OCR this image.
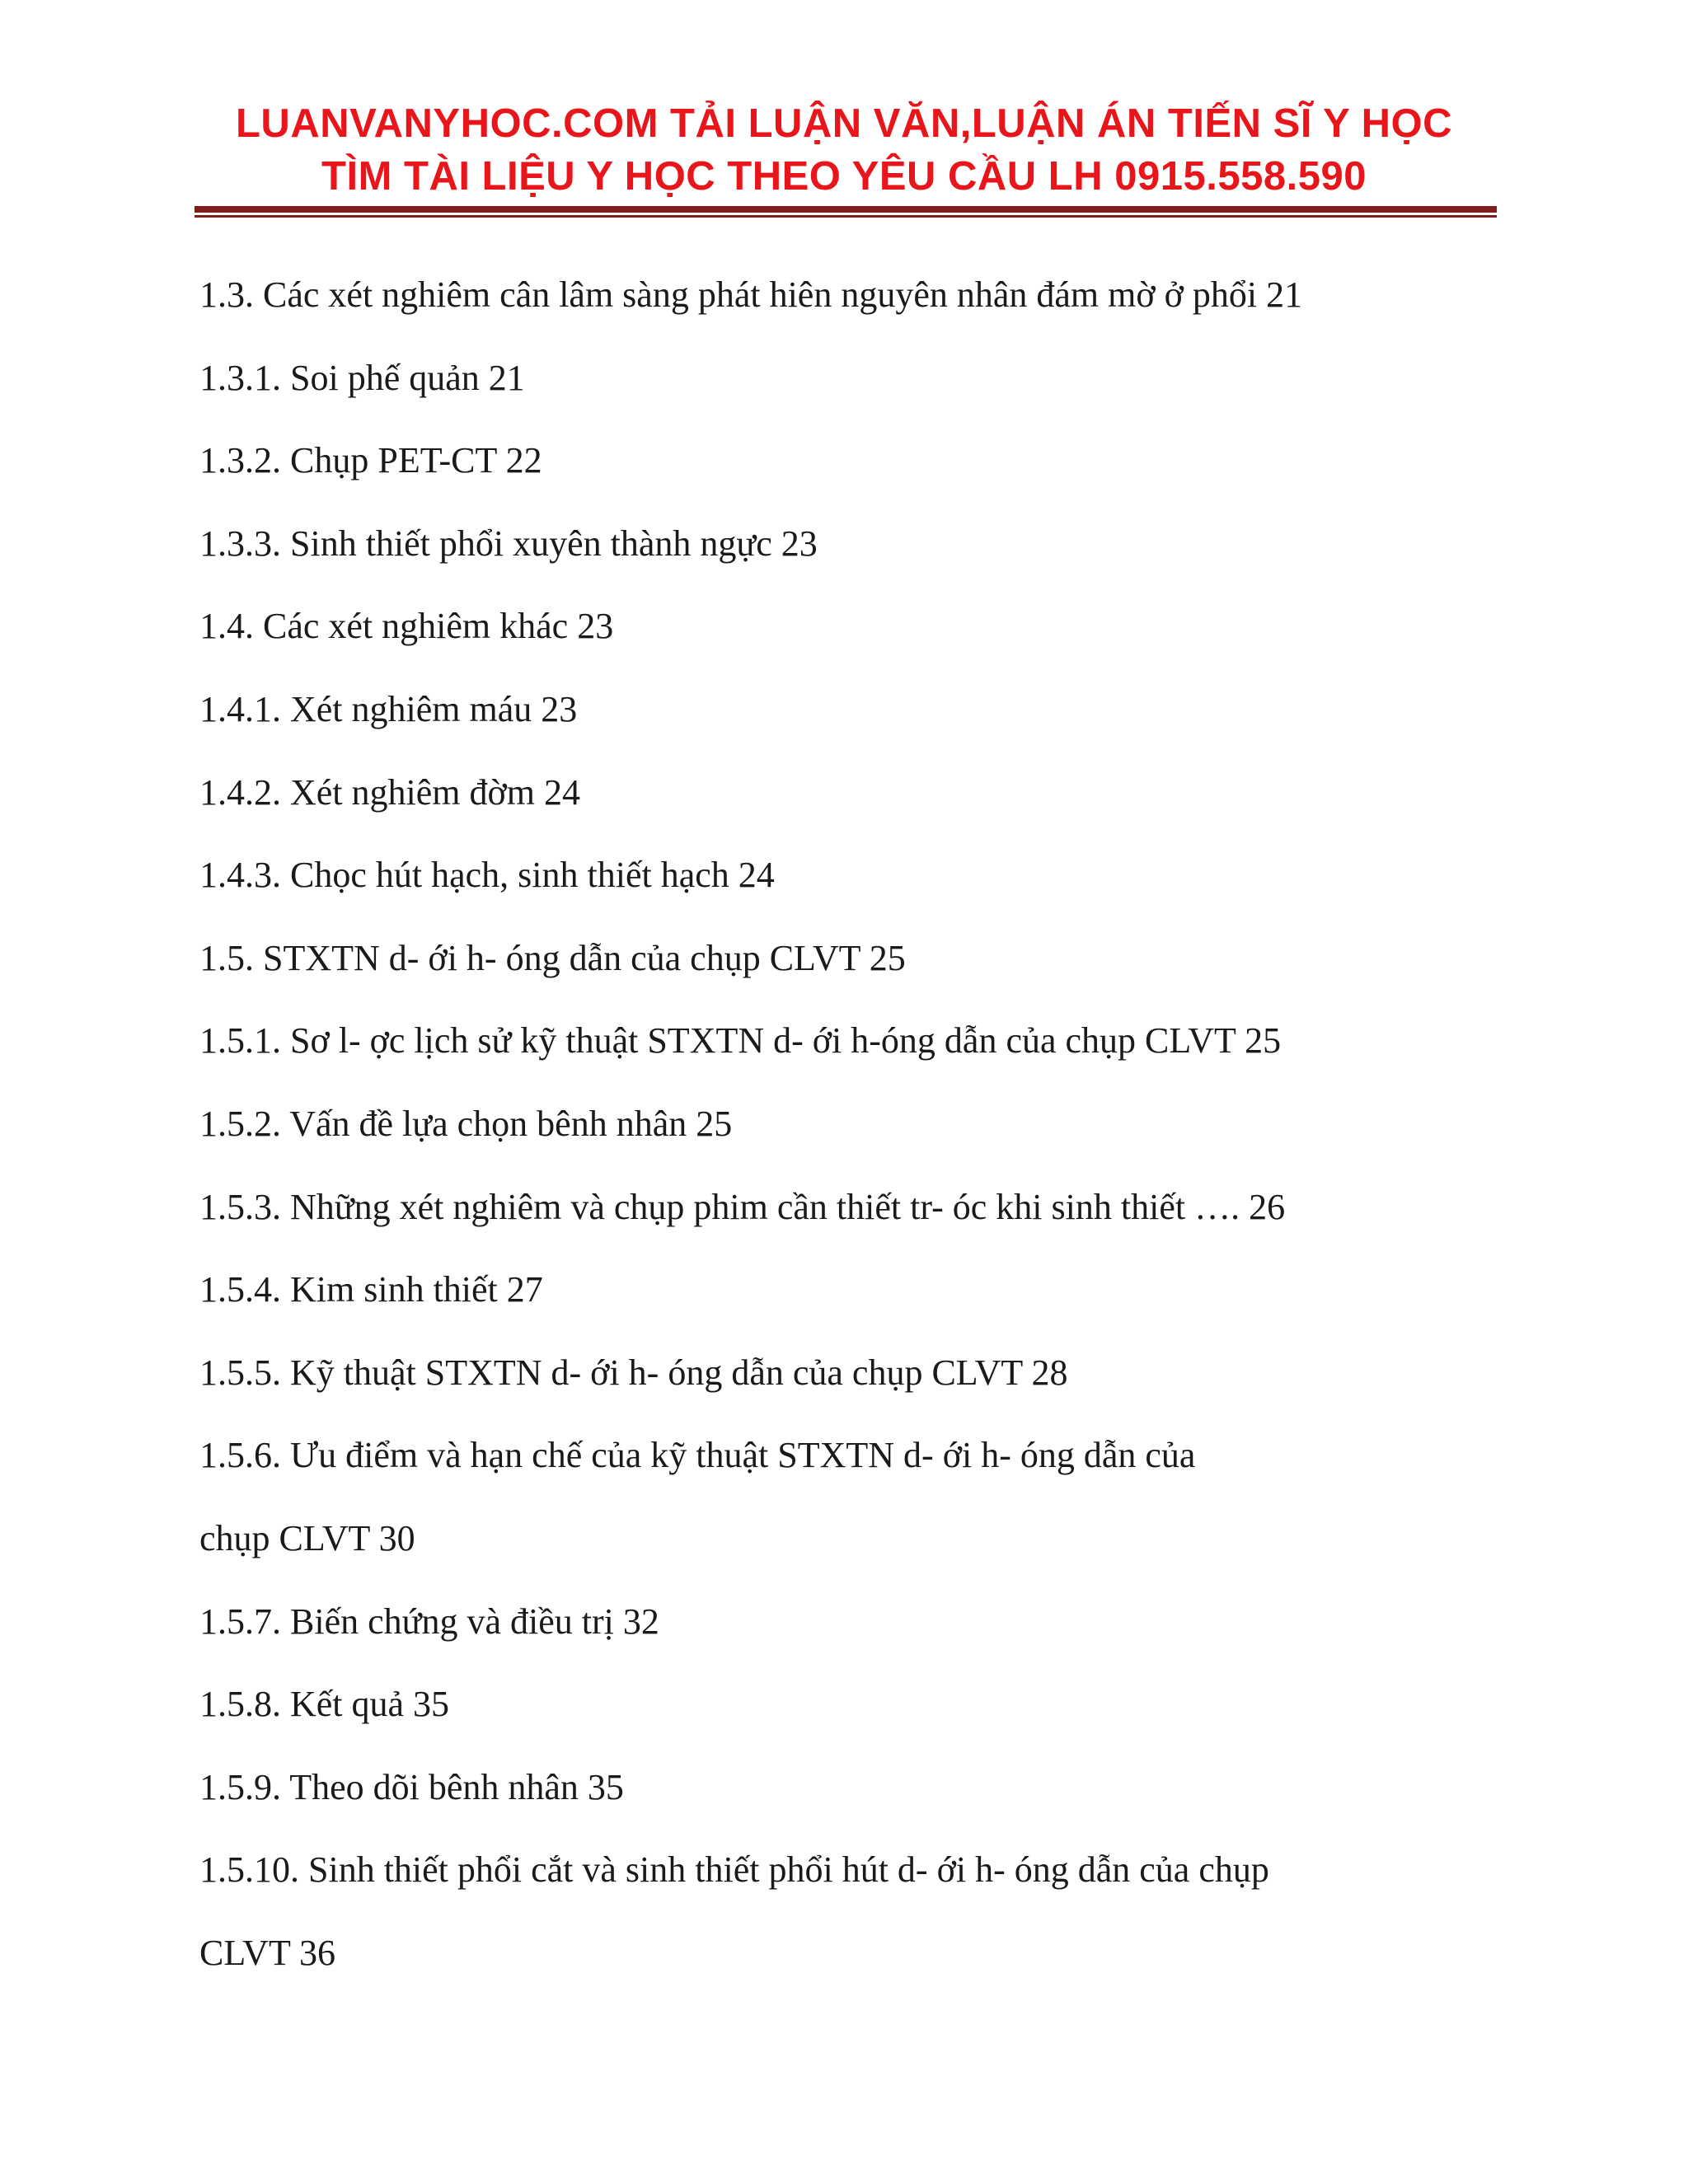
LUANVANYHOC.COM TẢI LUẬN VĂN,LUẬN ÁN TIẾN SĨ Y HỌC
TÌM TÀI LIỆU Y HỌC THEO YÊU CẦU LH 0915.558.590
1.3. Các xét nghiêm cân lâm sàng phát hiên nguyên nhân đám mờ ở phổi 21
1.3.1. Soi phế quản 21
1.3.2. Chụp PET-CT 22
1.3.3. Sinh thiết phổi xuyên thành ngực 23
1.4. Các xét nghiêm khác 23
1.4.1. Xét nghiêm máu 23
1.4.2. Xét nghiêm đờm 24
1.4.3. Chọc hút hạch, sinh thiết hạch 24
1.5. STXTN d- ới h- óng dẫn của chụp CLVT 25
1.5.1. Sơ l- ợc lịch sử kỹ thuật STXTN d- ới h-óng dẫn của chụp CLVT 25
1.5.2. Vấn đề lựa chọn bênh nhân 25
1.5.3. Những xét nghiêm và chụp phim cần thiết tr- óc khi sinh thiết …. 26
1.5.4. Kim sinh thiết 27
1.5.5. Kỹ thuật STXTN d- ới h- óng dẫn của chụp CLVT 28
1.5.6. Ưu điểm và hạn chế của kỹ thuật STXTN d- ới h- óng dẫn của
chụp CLVT 30
1.5.7. Biến chứng và điều trị 32
1.5.8. Kết quả 35
1.5.9. Theo dõi bênh nhân 35
1.5.10. Sinh thiết phổi cắt và sinh thiết phổi hút d- ới h- óng dẫn của chụp
CLVT 36
